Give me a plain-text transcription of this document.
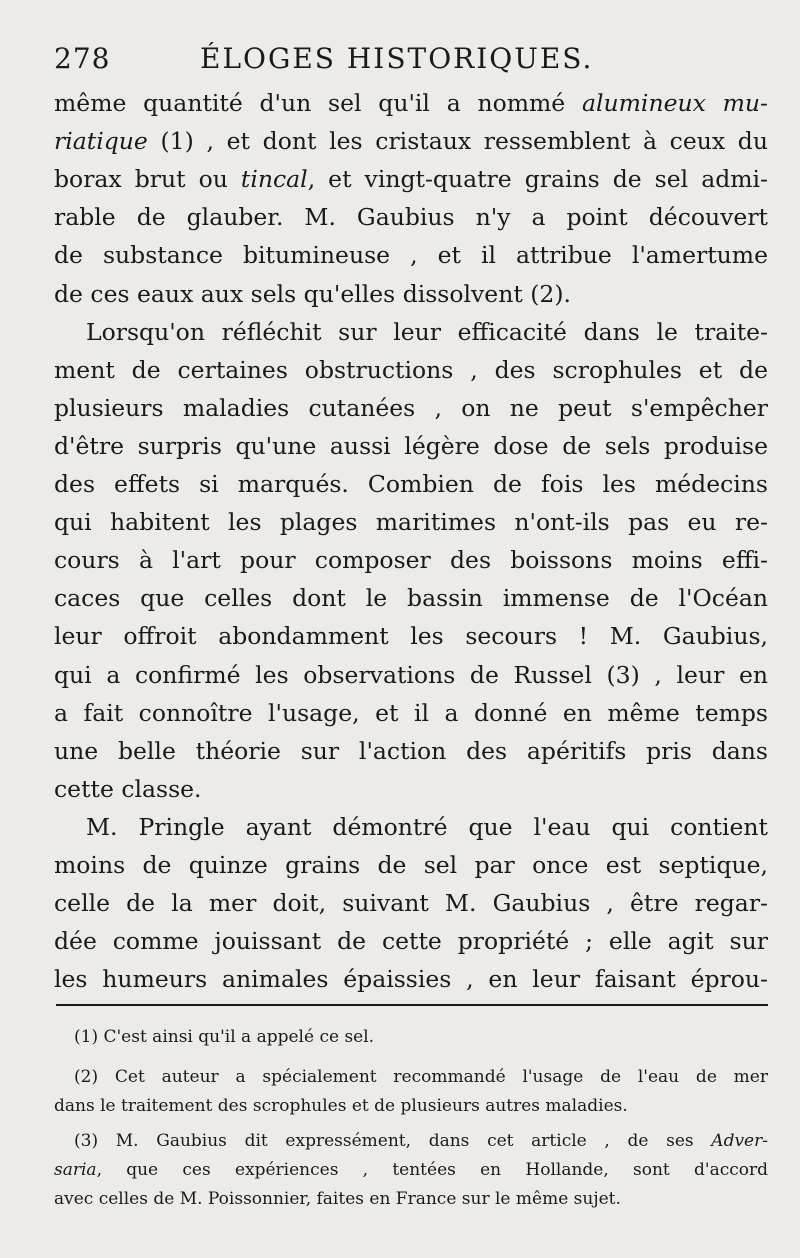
278	ÉLOGES HISTORIQUES.
même quantité d'un sel qu'il a nommé alumineux mu-
riatique (1) , et dont les cristaux ressemblent à ceux du
borax brut ou tincal, et vingt-quatre grains de sel admi-
rable de glauber. M. Gaubius n'y a point découvert
de substance bitumineuse , et il attribue l'amertume
de ces eaux aux sels qu'elles dissolvent (2).
Lorsqu'on réfléchit sur leur efficacité dans le traite-
ment de certaines obstructions , des scrophules et de
plusieurs maladies cutanées , on ne peut s'empêcher
d'être surpris qu'une aussi légère dose de sels produise
des effets si marqués. Combien de fois les médecins
qui habitent les plages maritimes n'ont-ils pas eu re-
cours à l'art pour composer des boissons moins effi-
caces que celles dont le bassin immense de l'Océan
leur offroit abondamment les secours ! M. Gaubius,
qui a confirmé les observations de Russel (3) , leur en
a fait connoître l'usage, et il a donné en même temps
une belle théorie sur l'action des apéritifs pris dans
cette classe.
M. Pringle ayant démontré que l'eau qui contient
moins de quinze grains de sel par once est septique,
celle de la mer doit, suivant M. Gaubius , être regar-
dée comme jouissant de cette propriété ; elle agit sur
les humeurs animales épaissies , en leur faisant éprou-
(1) C'est ainsi qu'il a appelé ce sel.
(2) Cet auteur a spécialement recommandé l'usage de l'eau de mer
dans le traitement des scrophules et de plusieurs autres maladies.
(3) M. Gaubius dit expressément, dans cet article , de ses Adver-
saria, que ces expériences , tentées en Hollande, sont d'accord
avec celles de M. Poissonnier, faites en France sur le même sujet.
